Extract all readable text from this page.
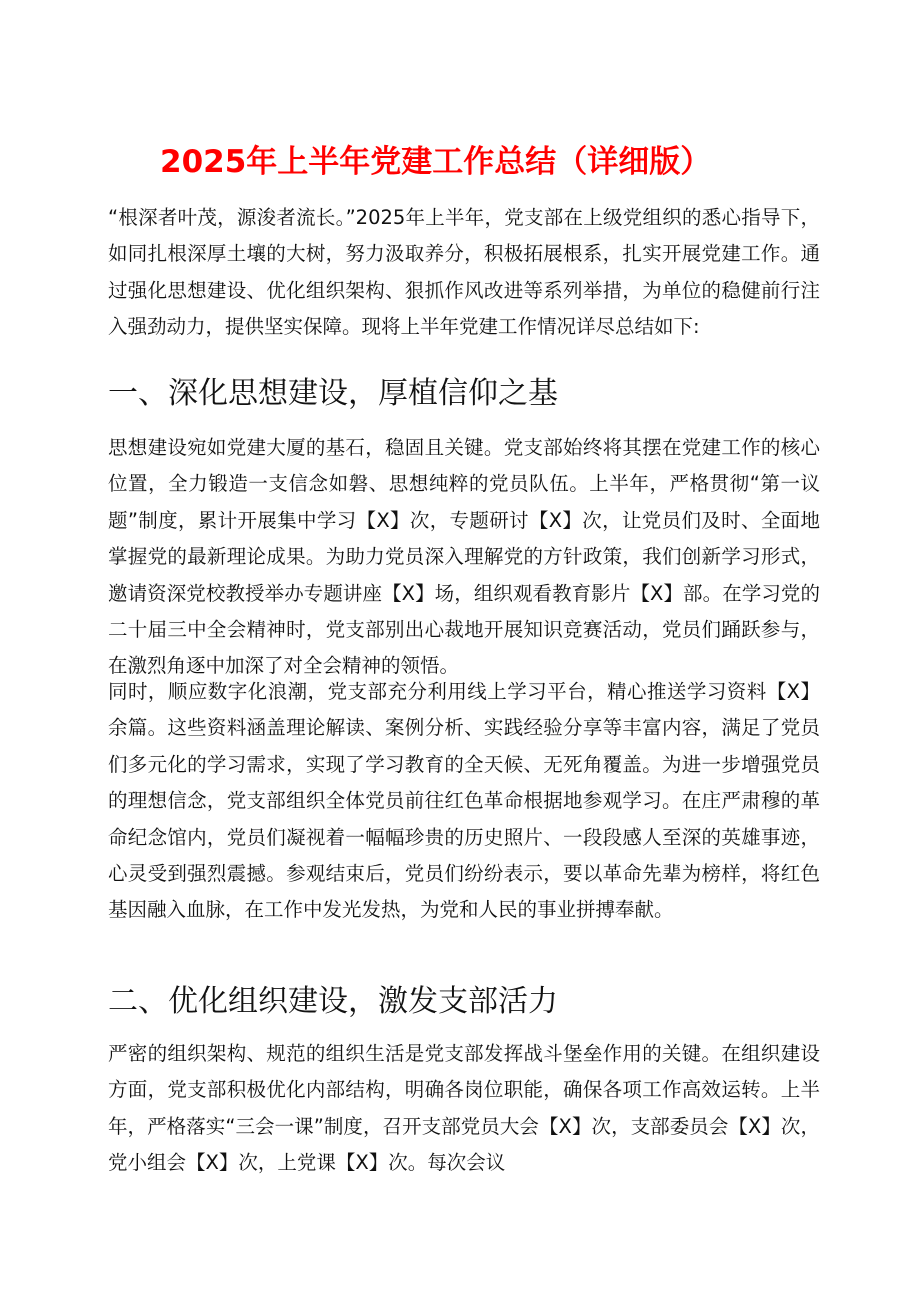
2025年上半年党建工作总结（详细版）

“根深者叶茂，源浚者流长。”2025年上半年，党支部在上级党组织的悉心指导下，如同扎根深厚土壤的大树，努力汲取养分，积极拓展根系，扎实开展党建工作。通过强化思想建设、优化组织架构、狠抓作风改进等系列举措，为单位的稳健前行注入强劲动力，提供坚实保障。现将上半年党建工作情况详尽总结如下:

一、深化思想建设，厚植信仰之基

思想建设宛如党建大厦的基石，稳固且关键。党支部始终将其摆在党建工作的核心位置，全力锻造一支信念如磐、思想纯粹的党员队伍。上半年，严格贯彻“第一议题”制度，累计开展集中学习【X】次，专题研讨【X】次，让党员们及时、全面地掌握党的最新理论成果。为助力党员深入理解党的方针政策，我们创新学习形式，邀请资深党校教授举办专题讲座【X】场，组织观看教育影片【X】部。在学习党的二十届三中全会精神时，党支部别出心裁地开展知识竞赛活动，党员们踊跃参与，在激烈角逐中加深了对全会精神的领悟。

同时，顺应数字化浪潮，党支部充分利用线上学习平台，精心推送学习资料【X】余篇。这些资料涵盖理论解读、案例分析、实践经验分享等丰富内容，满足了党员们多元化的学习需求，实现了学习教育的全天候、无死角覆盖。为进一步增强党员的理想信念，党支部组织全体党员前往红色革命根据地参观学习。在庄严肃穆的革命纪念馆内，党员们凝视着一幅幅珍贵的历史照片、一段段感人至深的英雄事迹，心灵受到强烈震撼。参观结束后，党员们纷纷表示，要以革命先辈为榜样，将红色基因融入血脉，在工作中发光发热，为党和人民的事业拼搏奉献。

二、优化组织建设，激发支部活力

严密的组织架构、规范的组织生活是党支部发挥战斗堡垒作用的关键。在组织建设方面，党支部积极优化内部结构，明确各岗位职能，确保各项工作高效运转。上半年，严格落实“三会一课”制度，召开支部党员大会【X】次，支部委员会【X】次，党小组会【X】次，上党课【X】次。每次会议
